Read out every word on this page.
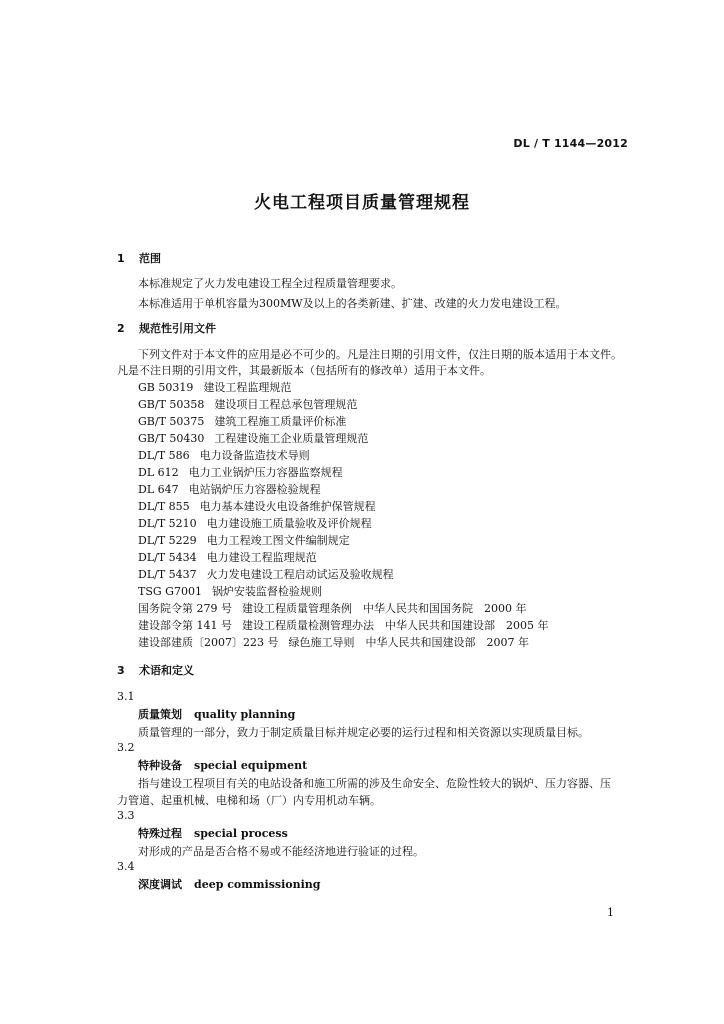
DL / T 1144—2012
火电工程项目质量管理规程
1 范围
本标准规定了火力发电建设工程全过程质量管理要求。
本标准适用于单机容量为300MW及以上的各类新建、扩建、改建的火力发电建设工程。
2 规范性引用文件
下列文件对于本文件的应用是必不可少的。凡是注日期的引用文件，仅注日期的版本适用于本文件。
凡是不注日期的引用文件，其最新版本（包括所有的修改单）适用于本文件。
GB 50319 建设工程监理规范
GB/T 50358 建设项目工程总承包管理规范
GB/T 50375 建筑工程施工质量评价标准
GB/T 50430 工程建设施工企业质量管理规范
DL/T 586 电力设备监造技术导则
DL 612 电力工业锅炉压力容器监察规程
DL 647 电站锅炉压力容器检验规程
DL/T 855 电力基本建设火电设备维护保管规程
DL/T 5210 电力建设施工质量验收及评价规程
DL/T 5229 电力工程竣工图文件编制规定
DL/T 5434 电力建设工程监理规范
DL/T 5437 火力发电建设工程启动试运及验收规程
TSG G7001 锅炉安装监督检验规则
国务院令第 279 号 建设工程质量管理条例　中华人民共和国国务院　2000 年
建设部令第 141 号 建设工程质量检测管理办法　中华人民共和国建设部　2005 年
建设部建质〔2007〕223 号 绿色施工导则　中华人民共和国建设部　2007 年
3 术语和定义
3.1
质量策划 quality planning
质量管理的一部分，致力于制定质量目标并规定必要的运行过程和相关资源以实现质量目标。
3.2
特种设备 special equipment
指与建设工程项目有关的电站设备和施工所需的涉及生命安全、危险性较大的锅炉、压力容器、压
力管道、起重机械、电梯和场（厂）内专用机动车辆。
3.3
特殊过程 special process
对形成的产品是否合格不易或不能经济地进行验证的过程。
3.4
深度调试 deep commissioning
1
